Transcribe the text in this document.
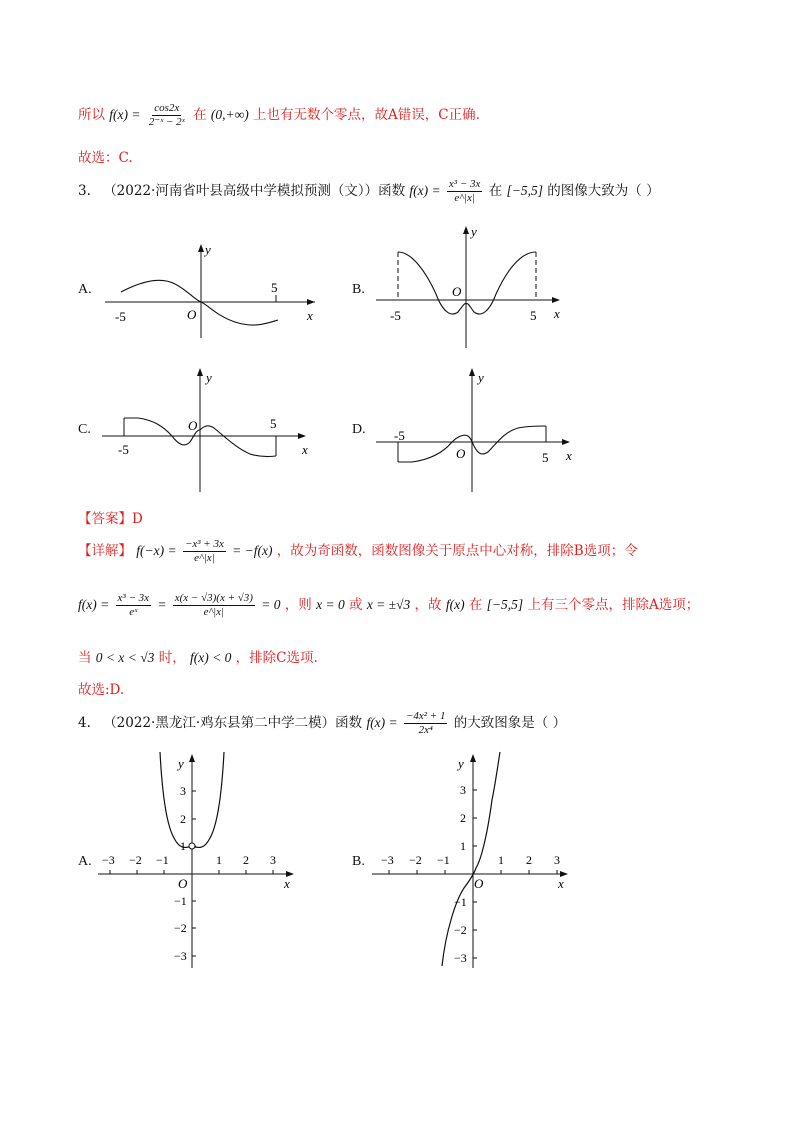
所以 $f(x) = \frac{\cos 2x}{\text{2⁻ˣ − 2ˣ}}$ 在 (0,+∞) 上也有无数个零点，故A错误，C正确.
故选：C.
3. （2022·河南省叶县高级中学模拟预测（文））函数 $f(x) = \frac{\text{x³ − 3x}}{e\^{}|x|}$ 在 [−5,5] 的图像大致为（ ）
A.	B.
C.	D.
-5
5
O	x
y
-5	5
O
x
y
-5
5
O
x
y
-5
5
O	x
y
【答案】D
【详解】 $f(-x) = \frac{\text{−x³ + 3x}}{e\^{}|x|} = -f(x)$ ，故为奇函数，函数图像关于原点中心对称，排除B选项；令
$f(x) = \frac{\text{x³ − 3x}}{\text{eˣ}} = \frac{x(x - √3)(x + √3)}{e\^{}|x|} = 0$ ，则 x = 0 或 x = ±√3 ，故 f(x) 在 [−5,5] 上有三个零点，排除A选项；
当 0 < x < √3 时， f(x) < 0 ，排除C选项.
故选:D.
4. （2022·黑龙江·鸡东县第二中学二模）函数 $f(x) = \frac{\text{−4x² + 1}}{\text{2x⁴}}$ 的大致图象是（ ）
A.	B.
−3 −2 −1	1 2 3
3
2
1
−1
−2
−3
O	x
y
−3 −2 −1	1 2 3
3
2
1
−1
−2
−3
O	x
y
